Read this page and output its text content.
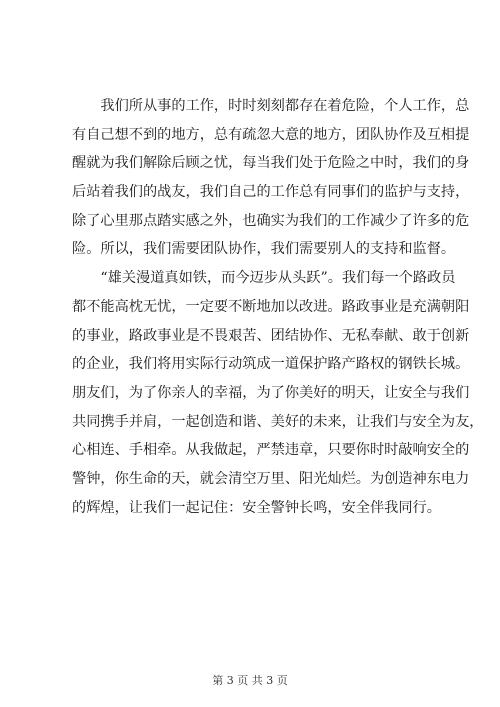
　　我们所从事的工作，时时刻刻都存在着危险，个人工作，总
有自己想不到的地方，总有疏忽大意的地方，团队协作及互相提
醒就为我们解除后顾之忧，每当我们处于危险之中时，我们的身
后站着我们的战友，我们自己的工作总有同事们的监护与支持，
除了心里那点踏实感之外，也确实为我们的工作减少了许多的危
险。所以，我们需要团队协作，我们需要别人的支持和监督。
　　“雄关漫道真如铁，而今迈步从头跃”。我们每一个路政员
都不能高枕无忧，一定要不断地加以改进。路政事业是充满朝阳
的事业，路政事业是不畏艰苦、团结协作、无私奉献、敢于创新
的企业，我们将用实际行动筑成一道保护路产路权的钢铁长城。
朋友们，为了你亲人的幸福，为了你美好的明天，让安全与我们
共同携手并肩，一起创造和谐、美好的未来，让我们与安全为友，
心相连、手相牵。从我做起，严禁违章，只要你时时敲响安全的
警钟，你生命的天，就会清空万里、阳光灿烂。为创造神东电力
的辉煌，让我们一起记住：安全警钟长鸣，安全伴我同行。
第 3 页 共 3 页
